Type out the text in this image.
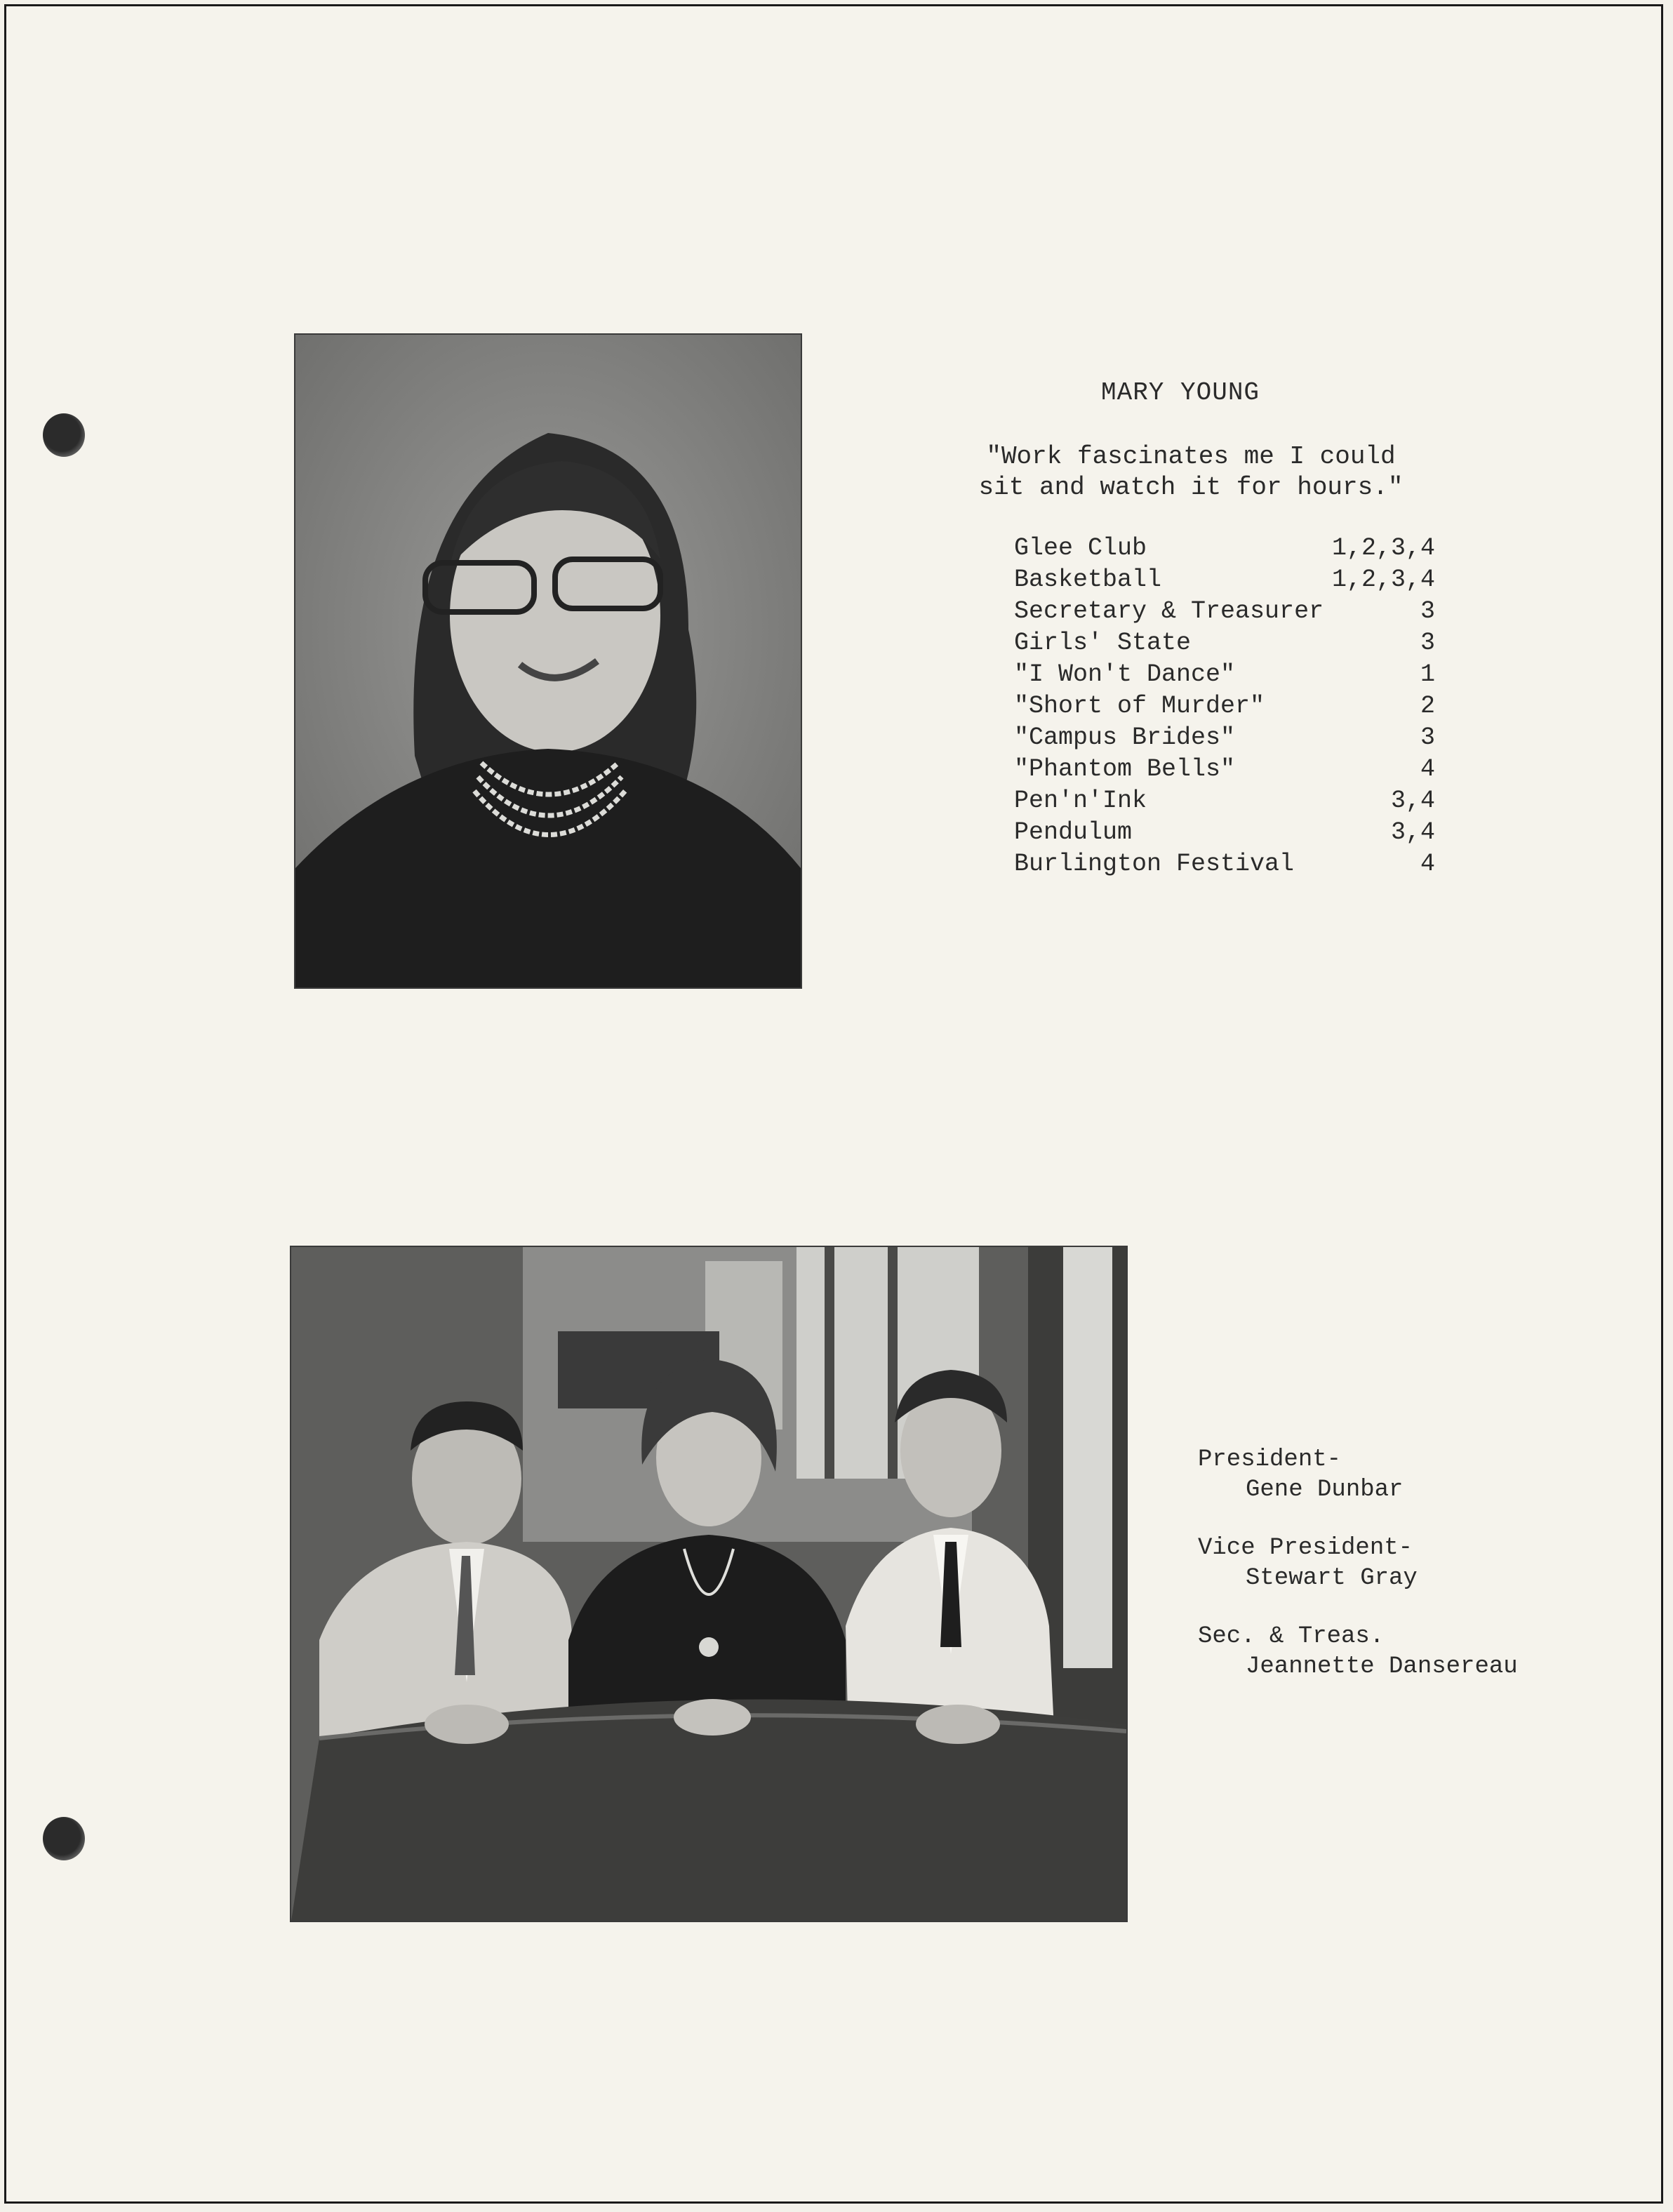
MARY YOUNG
"Work fascinates me I could sit and watch it for hours."
Glee Club	1,2,3,4
Basketball	1,2,3,4
Secretary & Treasurer	3
Girls' State	3
"I Won't Dance"	1
"Short of Murder"	2
"Campus Brides"	3
"Phantom Bells"	4
Pen'n'Ink	3,4
Pendulum	3,4
Burlington Festival	4
President-
Gene Dunbar
Vice President-
Stewart Gray
Sec. & Treas.
Jeannette Dansereau
